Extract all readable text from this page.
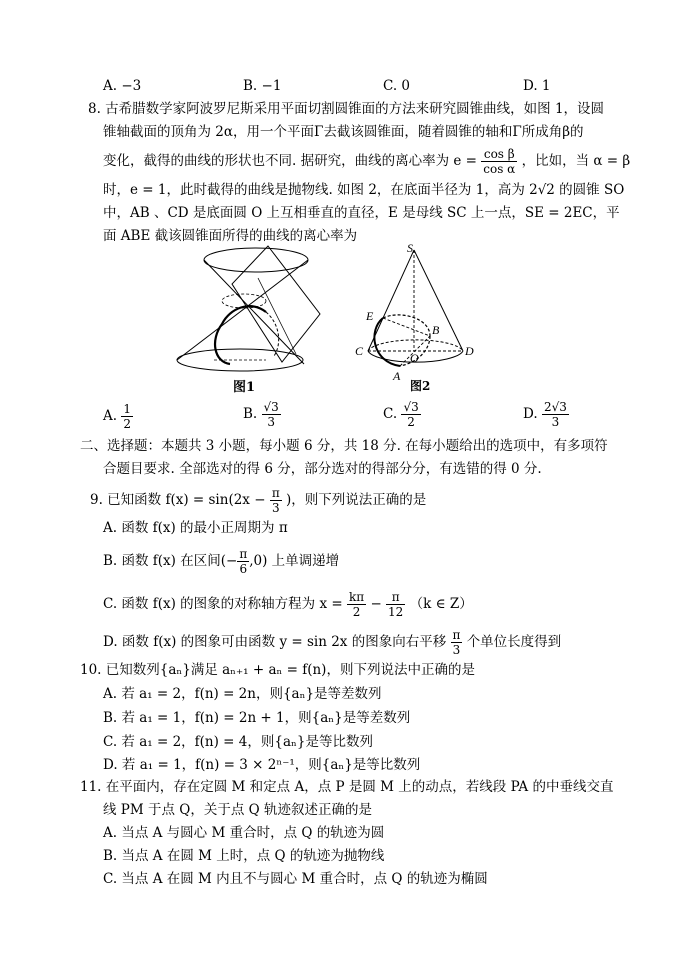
A. −3	B. −1	C. 0	D. 1
8. 古希腊数学家阿波罗尼斯采用平面切割圆锥面的方法来研究圆锥曲线，如图 1，设圆
锥轴截面的顶角为 2α，用一个平面Γ去截该圆锥面，随着圆锥的轴和Γ所成角β的
变化，截得的曲线的形状也不同. 据研究，曲线的离心率为 $e = \frac{\text{cos β}}{\text{cos α}}$ ，比如，当 α = β
时，e = 1，此时截得的曲线是抛物线. 如图 2，在底面半径为 1，高为 2√2 的圆锥 SO
中，AB 、CD 是底面圆 O 上互相垂直的直径，E 是母线 SC 上一点，SE = 2EC，平
面 ABE 截该圆锥面所得的曲线的离心率为
图1
S
E
B
C	O	D
A
图2
A. $\frac{1}{2}$	B. $\frac{√3}{3}$	C. $\frac{√3}{2}$	D. $\frac{2√3}{3}$
二、选择题：本题共 3 小题，每小题 6 分，共 18 分. 在每小题给出的选项中，有多项符
合题目要求. 全部选对的得 6 分，部分选对的得部分分，有选错的得 0 分.
9. 已知函数 $f(x) = \sin(2x - \frac{\pi}{3}$ )，则下列说法正确的是
A. 函数 f(x) 的最小正周期为 π
B. 函数 f(x) 在区间(− $\frac{\pi}{6} ,0$) 上单调递增
C. 函数 f(x) 的图象的对称轴方程为 $x = \frac{k\pi}{2} - \frac{\pi}{12} (k$ ∈ Z）
D. 函数 f(x) 的图象可由函数 y = sin 2x 的图象向右平移 $\frac{\pi}{3}$ 个单位长度得到
10. 已知数列{aₙ}满足 aₙ₊₁ + aₙ = f(n)，则下列说法中正确的是
A. 若 a₁ = 2，f(n) = 2n，则{aₙ}是等差数列
B. 若 a₁ = 1，f(n) = 2n + 1，则{aₙ}是等差数列
C. 若 a₁ = 2，f(n) = 4，则{aₙ}是等比数列
D. 若 a₁ = 1，f(n) = 3 × 2ⁿ⁻¹，则{aₙ}是等比数列
11. 在平面内，存在定圆 M 和定点 A，点 P 是圆 M 上的动点，若线段 PA 的中垂线交直
线 PM 于点 Q，关于点 Q 轨迹叙述正确的是
A. 当点 A 与圆心 M 重合时，点 Q 的轨迹为圆
B. 当点 A 在圆 M 上时，点 Q 的轨迹为抛物线
C. 当点 A 在圆 M 内且不与圆心 M 重合时，点 Q 的轨迹为椭圆
